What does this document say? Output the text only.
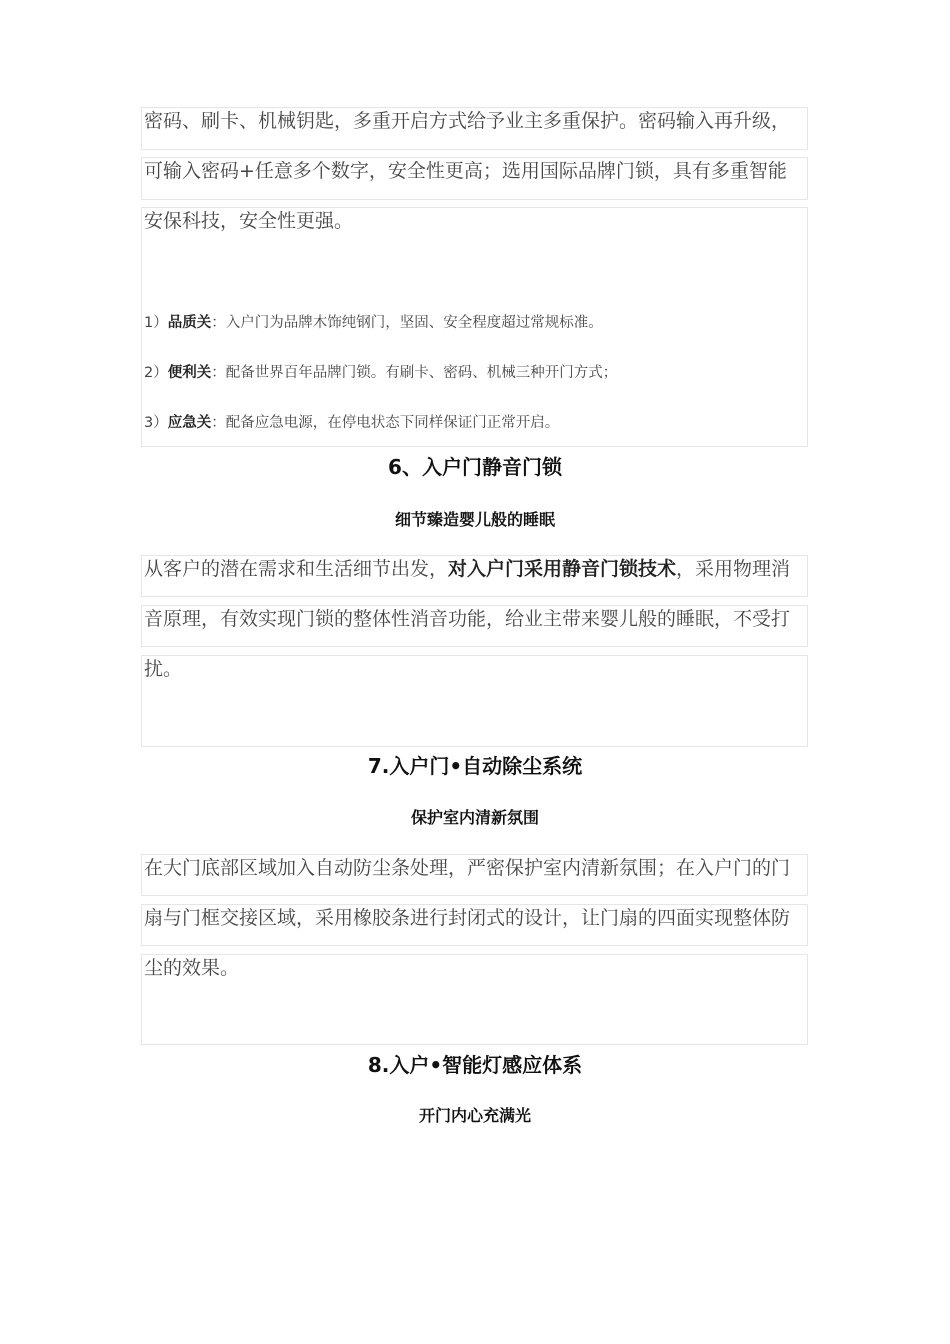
密码、刷卡、机械钥匙，多重开启方式给予业主多重保护。密码输入再升级，
可输入密码+任意多个数字，安全性更高；选用国际品牌门锁，具有多重智能
安保科技，安全性更强。
1）品质关：入户门为品牌木饰纯钢门，坚固、安全程度超过常规标准。
2）便利关：配备世界百年品牌门锁。有刷卡、密码、机械三种开门方式；
3）应急关：配备应急电源，在停电状态下同样保证门正常开启。
6、入户门静音门锁
细节臻造婴儿般的睡眠
从客户的潜在需求和生活细节出发，对入户门采用静音门锁技术，采用物理消
音原理，有效实现门锁的整体性消音功能，给业主带来婴儿般的睡眠，不受打
扰。
7.入户门•自动除尘系统
保护室内清新氛围
在大门底部区域加入自动防尘条处理，严密保护室内清新氛围；在入户门的门
扇与门框交接区域，采用橡胶条进行封闭式的设计，让门扇的四面实现整体防
尘的效果。
8.入户•智能灯感应体系
开门内心充满光
